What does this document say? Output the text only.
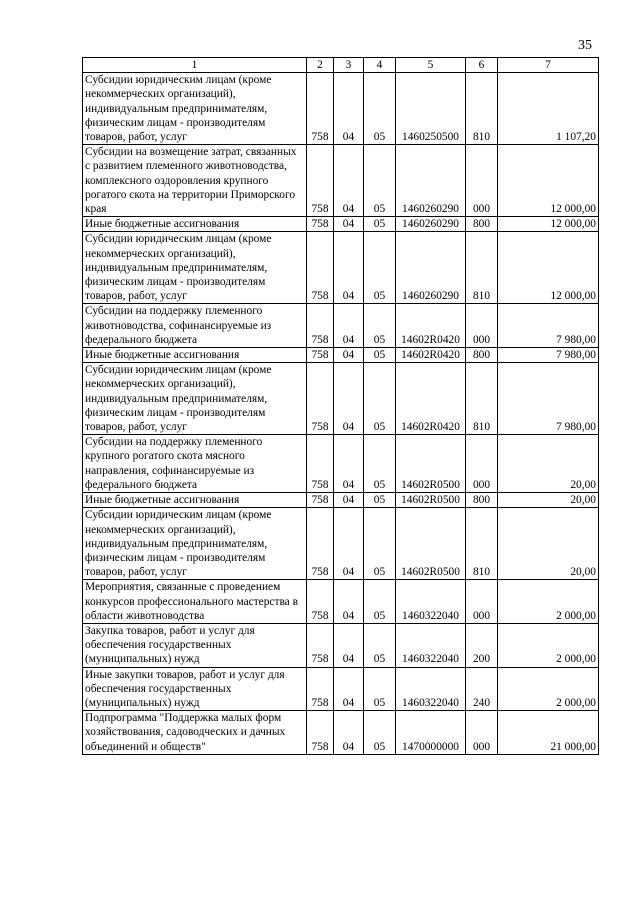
35
1	2	3	4	5	6	7
Субсидии юридическим лицам (кроме некоммерческих организаций), индивидуальным предпринимателям, физическим лицам - производителям товаров, работ, услуг	758	04	05	1460250500	810	1 107,20
Субсидии на возмещение затрат, связанных с развитием племенного животноводства, комплексного оздоровления крупного рогатого скота на территории Приморского края	758	04	05	1460260290	000	12 000,00
Иные бюджетные ассигнования	758	04	05	1460260290	800	12 000,00
Субсидии юридическим лицам (кроме некоммерческих организаций), индивидуальным предпринимателям, физическим лицам - производителям товаров, работ, услуг	758	04	05	1460260290	810	12 000,00
Субсидии на поддержку племенного животноводства, софинансируемые из федерального бюджета	758	04	05	14602R0420	000	7 980,00
Иные бюджетные ассигнования	758	04	05	14602R0420	800	7 980,00
Субсидии юридическим лицам (кроме некоммерческих организаций), индивидуальным предпринимателям, физическим лицам - производителям товаров, работ, услуг	758	04	05	14602R0420	810	7 980,00
Субсидии на поддержку племенного крупного рогатого скота мясного направления, софинансируемые из федерального бюджета	758	04	05	14602R0500	000	20,00
Иные бюджетные ассигнования	758	04	05	14602R0500	800	20,00
Субсидии юридическим лицам (кроме некоммерческих организаций), индивидуальным предпринимателям, физическим лицам - производителям товаров, работ, услуг	758	04	05	14602R0500	810	20,00
Мероприятия, связанные с проведением конкурсов профессионального мастерства в области животноводства	758	04	05	1460322040	000	2 000,00
Закупка товаров, работ и услуг для обеспечения государственных (муниципальных) нужд	758	04	05	1460322040	200	2 000,00
Иные закупки товаров, работ и услуг для обеспечения государственных (муниципальных) нужд	758	04	05	1460322040	240	2 000,00
Подпрограмма "Поддержка малых форм хозяйствования, садоводческих и дачных объединений и обществ"	758	04	05	1470000000	000	21 000,00
